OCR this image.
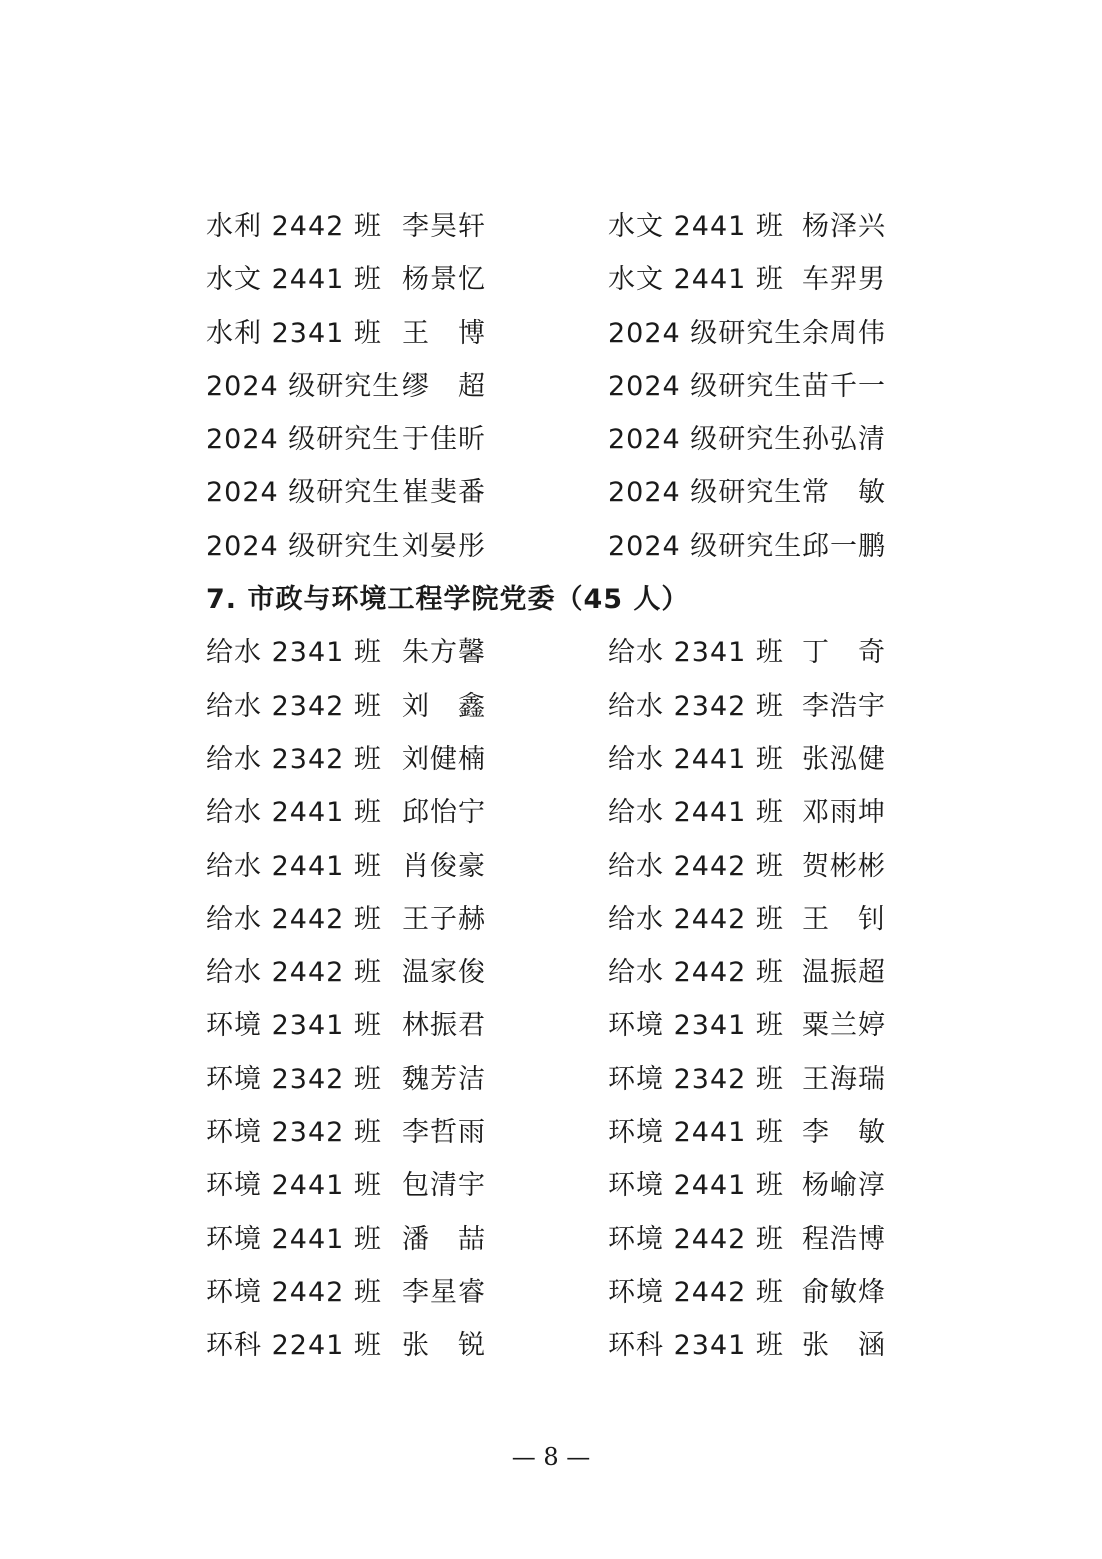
水利 2442 班 李昊轩	水文 2441 班 杨泽兴
水文 2441 班 杨景忆	水文 2441 班 车羿男
水利 2341 班 王　博	2024 级研究生 余周伟
2024 级研究生 缪　超	2024 级研究生 苗千一
2024 级研究生 于佳昕	2024 级研究生 孙弘清
2024 级研究生 崔斐番	2024 级研究生 常　敏
2024 级研究生 刘晏彤	2024 级研究生 邱一鹏
7. 市政与环境工程学院党委（45 人）
给水 2341 班 朱方馨	给水 2341 班 丁　奇
给水 2342 班 刘　鑫	给水 2342 班 李浩宇
给水 2342 班 刘健楠	给水 2441 班 张泓健
给水 2441 班 邱怡宁	给水 2441 班 邓雨坤
给水 2441 班 肖俊豪	给水 2442 班 贺彬彬
给水 2442 班 王子赫	给水 2442 班 王　钊
给水 2442 班 温家俊	给水 2442 班 温振超
环境 2341 班 林振君	环境 2341 班 粟兰婷
环境 2342 班 魏芳洁	环境 2342 班 王海瑞
环境 2342 班 李哲雨	环境 2441 班 李　敏
环境 2441 班 包清宇	环境 2441 班 杨崳淳
环境 2441 班 潘　喆	环境 2442 班 程浩博
环境 2442 班 李星睿	环境 2442 班 俞敏烽
环科 2241 班 张　锐	环科 2341 班 张　涵
— 8 —
